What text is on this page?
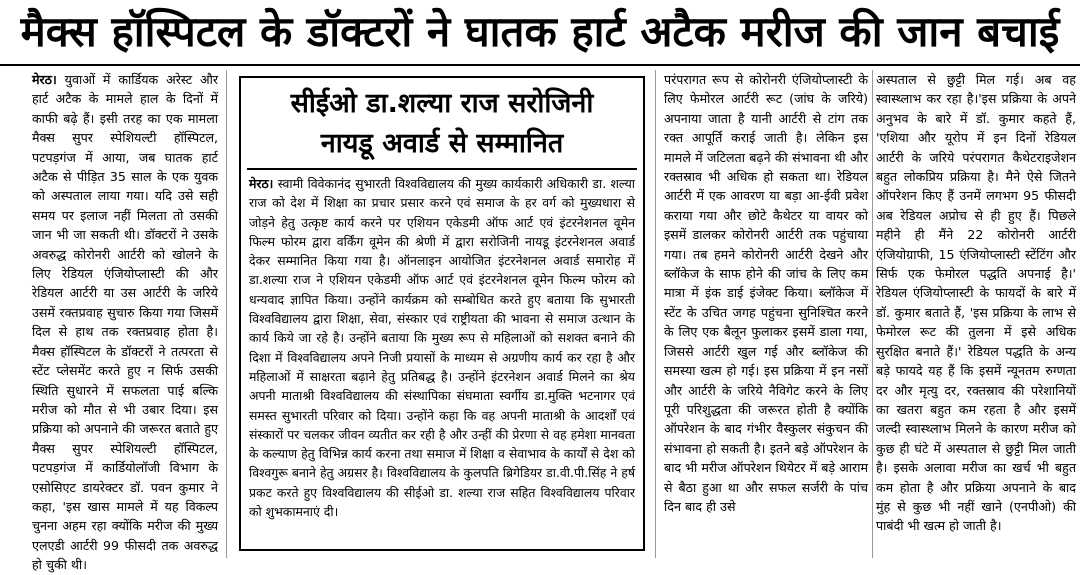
मैक्स हॉस्पिटल के डॉक्टरों ने घातक हार्ट अटैक मरीज की जान बचाई

मेरठ। युवाओं में कार्डियक अरेस्ट और हार्ट अटैक के मामले हाल के दिनों में काफी बढ़े हैं। इसी तरह का एक मामला मैक्स सुपर स्पेशियल्टी हॉस्पिटल, पटपड़गंज में आया, जब घातक हार्ट अटैक से पीड़ित 35 साल के एक युवक को अस्पताल लाया गया। यदि उसे सही समय पर इलाज नहीं मिलता तो उसकी जान भी जा सकती थी। डॉक्टरों ने उसके अवरुद्ध कोरोनरी आर्टरी को खोलने के लिए रेडियल एंजियोप्लास्टी की और रेडियल आर्टरी या उस आर्टरी के जरिये उसमें रक्तप्रवाह सुचारु किया गया जिसमें दिल से हाथ तक रक्तप्रवाह होता है। मैक्स हॉस्पिटल के डॉक्टरों ने तत्परता से स्टेंट प्लेसमेंट करते हुए न सिर्फ उसकी स्थिति सुधारने में सफलता पाई बल्कि मरीज को मौत से भी उबार दिया। इस प्रक्रिया को अपनाने की जरूरत बताते हुए मैक्स सुपर स्पेशियल्टी हॉस्पिटल, पटपड़गंज में कार्डियोलॉजी विभाग के एसोसिएट डायरेक्टर डॉ. पवन कुमार ने कहा, 'इस खास मामले में यह विकल्प चुनना अहम रहा क्योंकि मरीज की मुख्य एलएडी आर्टरी 99 फीसदी तक अवरुद्ध हो चुकी थी।

सीईओ डा.शल्या राज सरोजिनी
नायडू अवार्ड से सम्मानित

मेरठ। स्वामी विवेकानंद सुभारती विश्वविद्यालय की मुख्य कार्यकारी अधिकारी डा. शल्या राज को देश में शिक्षा का प्रचार प्रसार करने एवं समाज के हर वर्ग को मुख्यधारा से जोड़ने हेतु उत्कृष्ट कार्य करने पर एशियन एकेडमी ऑफ आर्ट एवं इंटरनेशनल वूमेन फिल्म फोरम द्वारा वर्किंग वूमेन की श्रेणी में द्वारा सरोजिनी नायडू इंटरनेशनल अवार्ड देकर सम्मानित किया गया है। ऑनलाइन आयोजित इंटरनेशनल अवार्ड समारोह में डा.शल्या राज ने एशियन एकेडमी ऑफ आर्ट एवं इंटरनेशनल वूमेन फिल्म फोरम को धन्यवाद ज्ञापित किया। उन्होंने कार्यक्रम को सम्बोधित करते हुए बताया कि सुभारती विश्वविद्यालय द्वारा शिक्षा, सेवा, संस्कार एवं राष्ट्रीयता की भावना से समाज उत्थान के कार्य किये जा रहे है। उन्होंने बताया कि मुख्य रूप से महिलाओं को सशक्त बनाने की दिशा में विश्वविद्यालय अपने निजी प्रयासों के माध्यम से अग्रणीय कार्य कर रहा है और महिलाओं में साक्षरता बढ़ाने हेतु प्रतिबद्ध है। उन्होंने इंटरनेशन अवार्ड मिलने का श्रेय अपनी माताश्री विश्वविद्यालय की संस्थापिका संघमाता स्वर्गीय डा.मुक्ति भटनागर एवं समस्त सुभारती परिवार को दिया। उन्होंने कहा कि वह अपनी माताश्री के आदर्शों एवं संस्कारों पर चलकर जीवन व्यतीत कर रही है और उन्हीं की प्रेरणा से वह हमेशा मानवता के कल्याण हेतु विभिन्न कार्य करना तथा समाज में शिक्षा व सेवाभाव के कार्यों से देश को विश्वगुरू बनाने हेतु अग्रसर है। विश्वविद्यालय के कुलपति ब्रिगेडियर डा.वी.पी.सिंह ने हर्ष प्रकट करते हुए विश्वविद्यालय की सीईओ डा. शल्या राज सहित विश्वविद्यालय परिवार को शुभकामनाएं दी।

परंपरागत रूप से कोरोनरी एंजियोप्लास्टी के लिए फेमोरल आर्टरी रूट (जांघ के जरिये) अपनाया जाता है यानी आर्टरी से टांग तक रक्त आपूर्ति कराई जाती है। लेकिन इस मामले में जटिलता बढ़ने की संभावना थी और रक्तस्राव भी अधिक हो सकता था। रेडियल आर्टरी में एक आवरण या बड़ा आ-ईवी प्रवेश कराया गया और छोटे कैथेटर या वायर को इसमें डालकर कोरोनरी आर्टरी तक पहुंचाया गया। तब हमने कोरोनरी आर्टरी देखने और ब्लॉकेज के साफ होने की जांच के लिए कम मात्रा में इंक डाई इंजेक्ट किया। ब्लॉकेज में स्टेंट के उचित जगह पहुंचना सुनिश्चित करने के लिए एक बैलून फुलाकर इसमें डाला गया, जिससे आर्टरी खुल गई और ब्लॉकेज की समस्या खत्म हो गई। इस प्रक्रिया में इन नसों और आर्टरी के जरिये नैविगेट करने के लिए पूरी परिशुद्धता की जरूरत होती है क्योंकि ऑपरेशन के बाद गंभीर वैस्कुलर संकुचन की संभावना हो सकती है। इतने बड़े ऑपरेशन के बाद भी मरीज ऑपरेशन थियेटर में बड़े आराम से बैठा हुआ था और सफल सर्जरी के पांच दिन बाद ही उसे

अस्पताल से छुट्टी मिल गई। अब वह स्वास्थ्लाभ कर रहा है।'इस प्रक्रिया के अपने अनुभव के बारे में डॉ. कुमार कहते हैं, 'एशिया और यूरोप में इन दिनों रेडियल आर्टरी के जरिये परंपरागत कैथेटराइजेशन बहुत लोकप्रिय प्रक्रिया है। मैने ऐसे जितने ऑपरेशन किए हैं उनमें लगभग 95 फीसदी अब रेडियल अप्रोच से ही हुए हैं। पिछले महीने ही मैंने 22 कोरोनरी आर्टरी एंजियोग्राफी, 15 एंजियोप्लास्टी स्टेंटिंग और सिर्फ एक फेमोरल पद्धति अपनाई है।' रेडियल एंजियोप्लास्टी के फायदों के बारे में डॉ. कुमार बताते हैं, 'इस प्रक्रिया के लाभ से फेमोरल रूट की तुलना में इसे अधिक सुरक्षित बनाते हैं।' रेडियल पद्धति के अन्य बड़े फायदे यह हैं कि इसमें न्यूनतम रुग्णता दर और मृत्यु दर, रक्तस्राव की परेशानियों का खतरा बहुत कम रहता है और इसमें जल्दी स्वास्थ्लाभ मिलने के कारण मरीज को कुछ ही घंटे में अस्पताल से छुट्टी मिल जाती है। इसके अलावा मरीज का खर्च भी बहुत कम होता है और प्रक्रिया अपनाने के बाद मुंह से कुछ भी नहीं खाने (एनपीओ) की पाबंदी भी खत्म हो जाती है।
